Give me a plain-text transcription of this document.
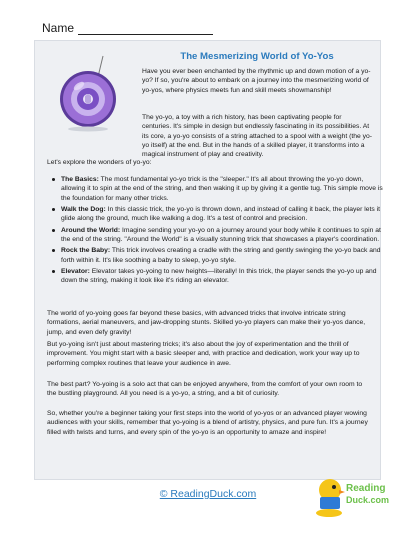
Name
The Mesmerizing World of Yo-Yos

Have you ever been enchanted by the rhythmic up and down motion of a yo-yo? If so, you're about to embark on a journey into the mesmerizing world of yo-yos, where physics meets fun and skill meets showmanship!

The yo-yo, a toy with a rich history, has been captivating people for centuries. It's simple in design but endlessly fascinating in its possibilities. At its core, a yo-yo consists of a string attached to a spool with a weight (the yo-yo itself) at the end. But in the hands of a skilled player, it transforms into a magical instrument of play and creativity.

Let's explore the wonders of yo-yo:

The Basics: The most fundamental yo-yo trick is the "sleeper." It's all about throwing the yo-yo down, allowing it to spin at the end of the string, and then waking it up by giving it a gentle tug. This simple move is the foundation for many other tricks.
Walk the Dog: In this classic trick, the yo-yo is thrown down, and instead of calling it back, the player lets it glide along the ground, much like walking a dog. It's a test of control and precision.
Around the World: Imagine sending your yo-yo on a journey around your body while it continues to spin at the end of the string. "Around the World" is a visually stunning trick that showcases a player's coordination.
Rock the Baby: This trick involves creating a cradle with the string and gently swinging the yo-yo back and forth within it. It's like soothing a baby to sleep, yo-yo style.
Elevator: Elevator takes yo-yoing to new heights—literally! In this trick, the player sends the yo-yo up and down the string, making it look like it's riding an elevator.

The world of yo-yoing goes far beyond these basics, with advanced tricks that involve intricate string formations, aerial maneuvers, and jaw-dropping stunts. Skilled yo-yo players can make their yo-yos dance, jump, and even defy gravity!

But yo-yoing isn't just about mastering tricks; it's also about the joy of experimentation and the thrill of improvement. You might start with a basic sleeper and, with practice and dedication, work your way up to performing complex routines that leave your audience in awe.

The best part? Yo-yoing is a solo act that can be enjoyed anywhere, from the comfort of your own room to the bustling playground. All you need is a yo-yo, a string, and a bit of curiosity.

So, whether you're a beginner taking your first steps into the world of yo-yos or an advanced player wowing audiences with your skills, remember that yo-yoing is a blend of artistry, physics, and pure fun. It's a journey filled with twists and turns, and every spin of the yo-yo is an opportunity to amaze and inspire!

© ReadingDuck.com	Reading
Duck.com
